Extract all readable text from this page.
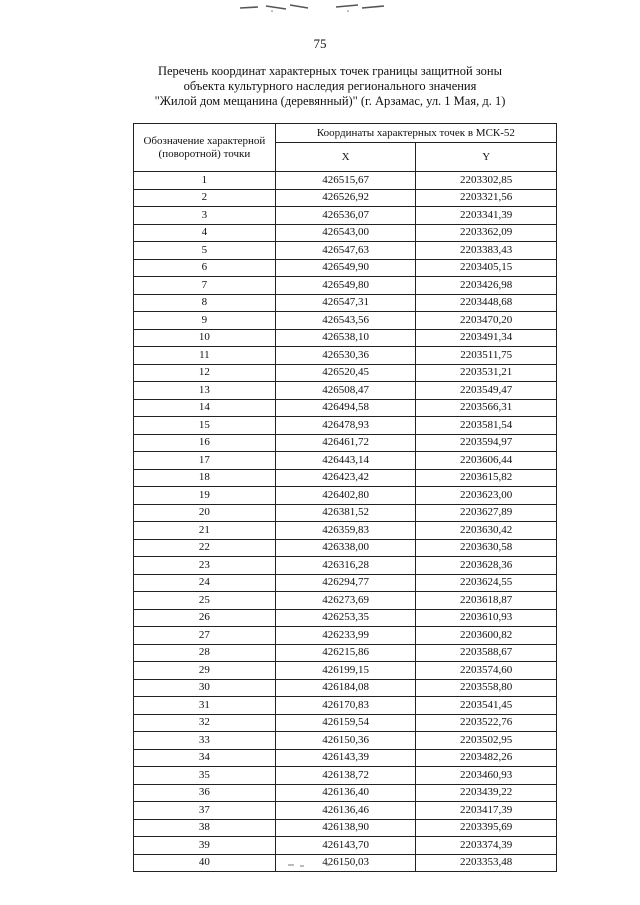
75
Перечень координат характерных точек границы защитной зоны
объекта культурного наследия регионального значения
"Жилой дом мещанина (деревянный)" (г. Арзамас, ул. 1 Мая, д. 1)
Обозначение характерной (поворотной) точки	Координаты характерных точек в МСК-52	
	X	Y
1	426515,67	2203302,85
2	426526,92	2203321,56
3	426536,07	2203341,39
4	426543,00	2203362,09
5	426547,63	2203383,43
6	426549,90	2203405,15
7	426549,80	2203426,98
8	426547,31	2203448,68
9	426543,56	2203470,20
10	426538,10	2203491,34
11	426530,36	2203511,75
12	426520,45	2203531,21
13	426508,47	2203549,47
14	426494,58	2203566,31
15	426478,93	2203581,54
16	426461,72	2203594,97
17	426443,14	2203606,44
18	426423,42	2203615,82
19	426402,80	2203623,00
20	426381,52	2203627,89
21	426359,83	2203630,42
22	426338,00	2203630,58
23	426316,28	2203628,36
24	426294,77	2203624,55
25	426273,69	2203618,87
26	426253,35	2203610,93
27	426233,99	2203600,82
28	426215,86	2203588,67
29	426199,15	2203574,60
30	426184,08	2203558,80
31	426170,83	2203541,45
32	426159,54	2203522,76
33	426150,36	2203502,95
34	426143,39	2203482,26
35	426138,72	2203460,93
36	426136,40	2203439,22
37	426136,46	2203417,39
38	426138,90	2203395,69
39	426143,70	2203374,39
40	426150,03	2203353,48
